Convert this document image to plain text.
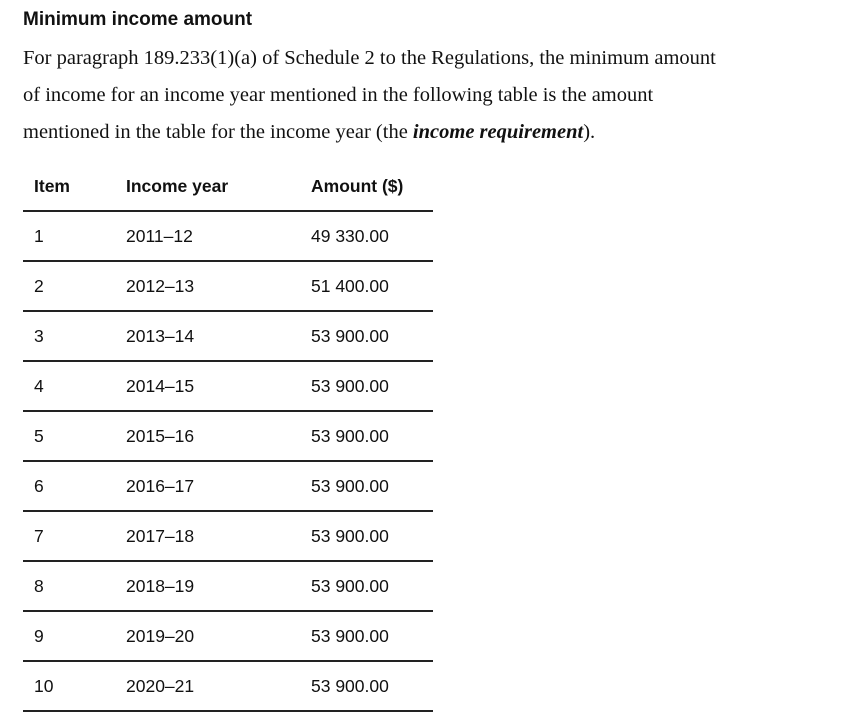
Minimum income amount

For paragraph 189.233(1)(a) of Schedule 2 to the Regulations, the minimum amount
of income for an income year mentioned in the following table is the amount
mentioned in the table for the income year (the income requirement).

Item	Income year	Amount ($)
1	2011–12	49 330.00
2	2012–13	51 400.00
3	2013–14	53 900.00
4	2014–15	53 900.00
5	2015–16	53 900.00
6	2016–17	53 900.00
7	2017–18	53 900.00
8	2018–19	53 900.00
9	2019–20	53 900.00
10	2020–21	53 900.00
